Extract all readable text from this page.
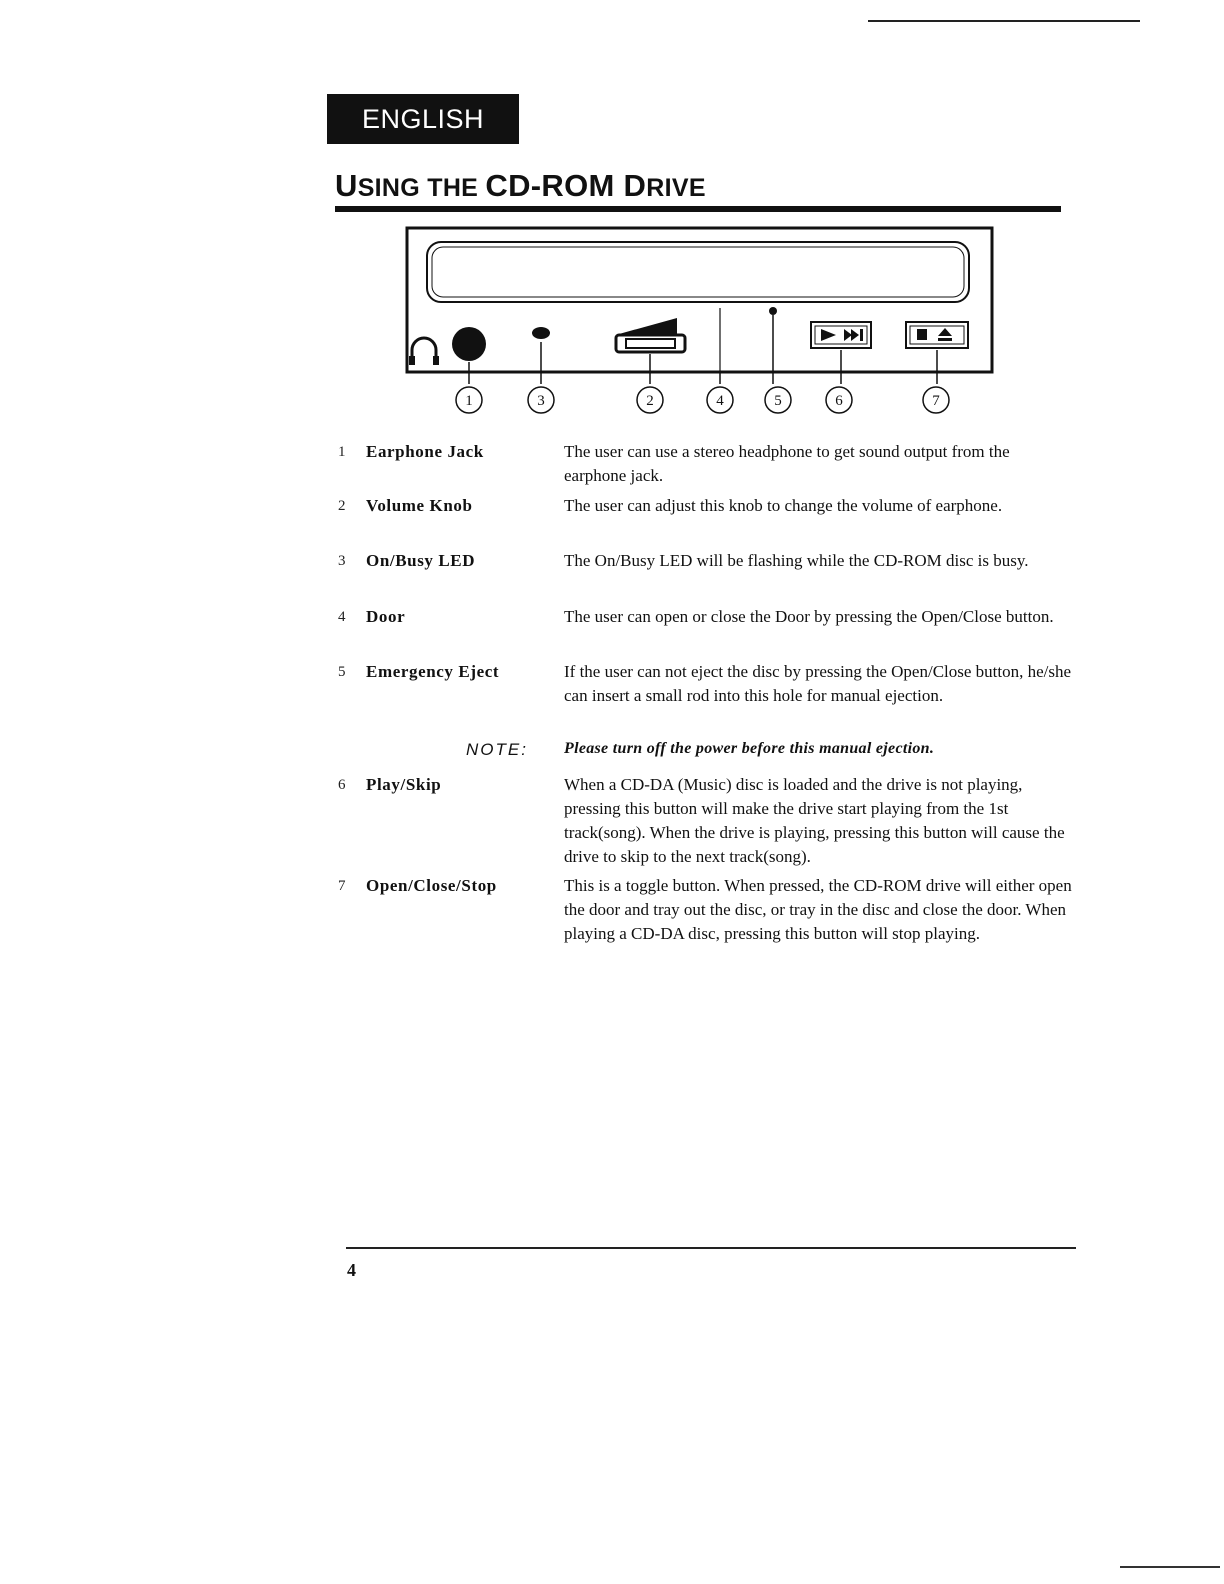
ENGLISH
USING THE CD-ROM DRIVE
1	3	2	4	5	6	7
1	Earphone Jack	The user can use a stereo headphone to get sound output from the earphone jack.
2	Volume Knob	The user can adjust this knob to change the volume of earphone.
3	On/Busy LED	The On/Busy LED will be flashing while the CD-ROM disc is busy.
4	Door	The user can open or close the Door by pressing the Open/Close button.
5	Emergency Eject	If the user can not eject the disc by pressing the Open/Close button, he/she can insert a small rod into this hole for manual ejection.
NOTE: Please turn off the power before this manual ejection.
6	Play/Skip	When a CD-DA (Music) disc is loaded and the drive is not playing, pressing this button will make the drive start playing from the 1st track(song). When the drive is playing, pressing this button will cause the drive to skip to the next track(song).
7	Open/Close/Stop	This is a toggle button. When pressed, the CD-ROM drive will either open the door and tray out the disc, or tray in the disc and close the door. When playing a CD-DA disc, pressing this button will stop playing.
4
